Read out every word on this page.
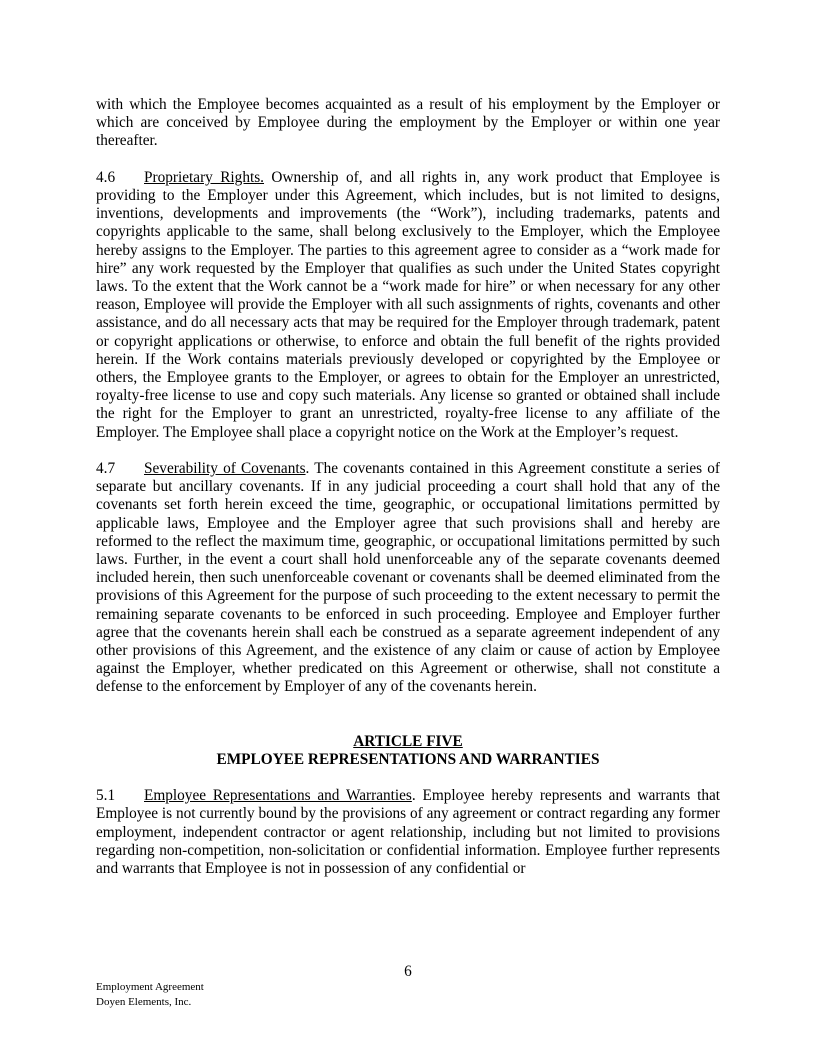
with which the Employee becomes acquainted as a result of his employment by the Employer or which are conceived by Employee during the employment by the Employer or within one year thereafter.

4.6 Proprietary Rights. Ownership of, and all rights in, any work product that Employee is providing to the Employer under this Agreement, which includes, but is not limited to designs, inventions, developments and improvements (the “Work”), including trademarks, patents and copyrights applicable to the same, shall belong exclusively to the Employer, which the Employee hereby assigns to the Employer. The parties to this agreement agree to consider as a “work made for hire” any work requested by the Employer that qualifies as such under the United States copyright laws. To the extent that the Work cannot be a “work made for hire” or when necessary for any other reason, Employee will provide the Employer with all such assignments of rights, covenants and other assistance, and do all necessary acts that may be required for the Employer through trademark, patent or copyright applications or otherwise, to enforce and obtain the full benefit of the rights provided herein. If the Work contains materials previously developed or copyrighted by the Employee or others, the Employee grants to the Employer, or agrees to obtain for the Employer an unrestricted, royalty-free license to use and copy such materials. Any license so granted or obtained shall include the right for the Employer to grant an unrestricted, royalty-free license to any affiliate of the Employer. The Employee shall place a copyright notice on the Work at the Employer’s request.

4.7 Severability of Covenants. The covenants contained in this Agreement constitute a series of separate but ancillary covenants. If in any judicial proceeding a court shall hold that any of the covenants set forth herein exceed the time, geographic, or occupational limitations permitted by applicable laws, Employee and the Employer agree that such provisions shall and hereby are reformed to the reflect the maximum time, geographic, or occupational limitations permitted by such laws. Further, in the event a court shall hold unenforceable any of the separate covenants deemed included herein, then such unenforceable covenant or covenants shall be deemed eliminated from the provisions of this Agreement for the purpose of such proceeding to the extent necessary to permit the remaining separate covenants to be enforced in such proceeding. Employee and Employer further agree that the covenants herein shall each be construed as a separate agreement independent of any other provisions of this Agreement, and the existence of any claim or cause of action by Employee against the Employer, whether predicated on this Agreement or otherwise, shall not constitute a defense to the enforcement by Employer of any of the covenants herein.

ARTICLE FIVE
EMPLOYEE REPRESENTATIONS AND WARRANTIES

5.1 Employee Representations and Warranties. Employee hereby represents and warrants that Employee is not currently bound by the provisions of any agreement or contract regarding any former employment, independent contractor or agent relationship, including but not limited to provisions regarding non-competition, non-solicitation or confidential information. Employee further represents and warrants that Employee is not in possession of any confidential or

6
Employment Agreement
Doyen Elements, Inc.
